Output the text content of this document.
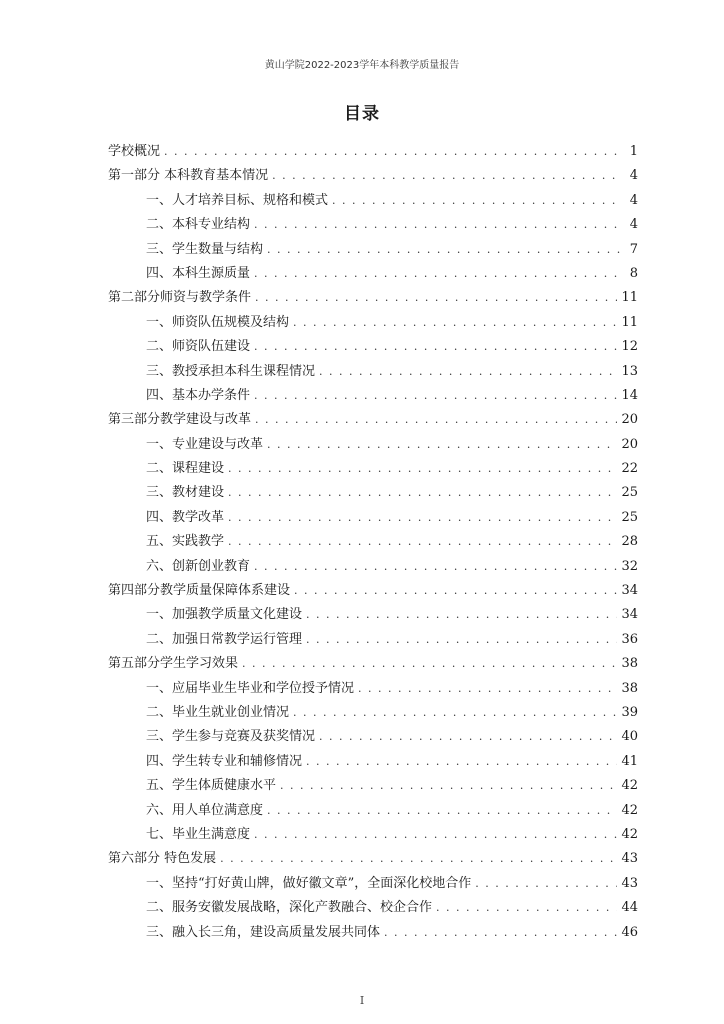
黄山学院2022-2023学年本科教学质量报告
目录
学校概况 . . .	1
第一部分 本科教育基本情况 . . .	4
一、人才培养目标、规格和模式 . . .	4
二、本科专业结构 . . .	4
三、学生数量与结构 . . .	7
四、本科生源质量 . . .	8
第二部分师资与教学条件 . . .	11
一、师资队伍规模及结构 . . .	11
二、师资队伍建设 . . .	12
三、教授承担本科生课程情况 . . .	13
四、基本办学条件 . . .	14
第三部分教学建设与改革 . . .	20
一、专业建设与改革 . . .	20
二、课程建设 . . .	22
三、教材建设 . . .	25
四、教学改革 . . .	25
五、实践教学 . . .	28
六、创新创业教育 . . .	32
第四部分教学质量保障体系建设 . . .	34
一、加强教学质量文化建设 . . .	34
二、加强日常教学运行管理 . . .	36
第五部分学生学习效果 . . .	38
一、应届毕业生毕业和学位授予情况 . . .	38
二、毕业生就业创业情况 . . .	39
三、学生参与竞赛及获奖情况 . . .	40
四、学生转专业和辅修情况 . . .	41
五、学生体质健康水平 . . .	42
六、用人单位满意度 . . .	42
七、毕业生满意度 . . .	42
第六部分 特色发展 . . .	43
一、坚持“打好黄山牌，做好徽文章”，全面深化校地合作 . . .	43
二、服务安徽发展战略，深化产教融合、校企合作 . . .	44
三、融入长三角，建设高质量发展共同体 . . .	46
I
